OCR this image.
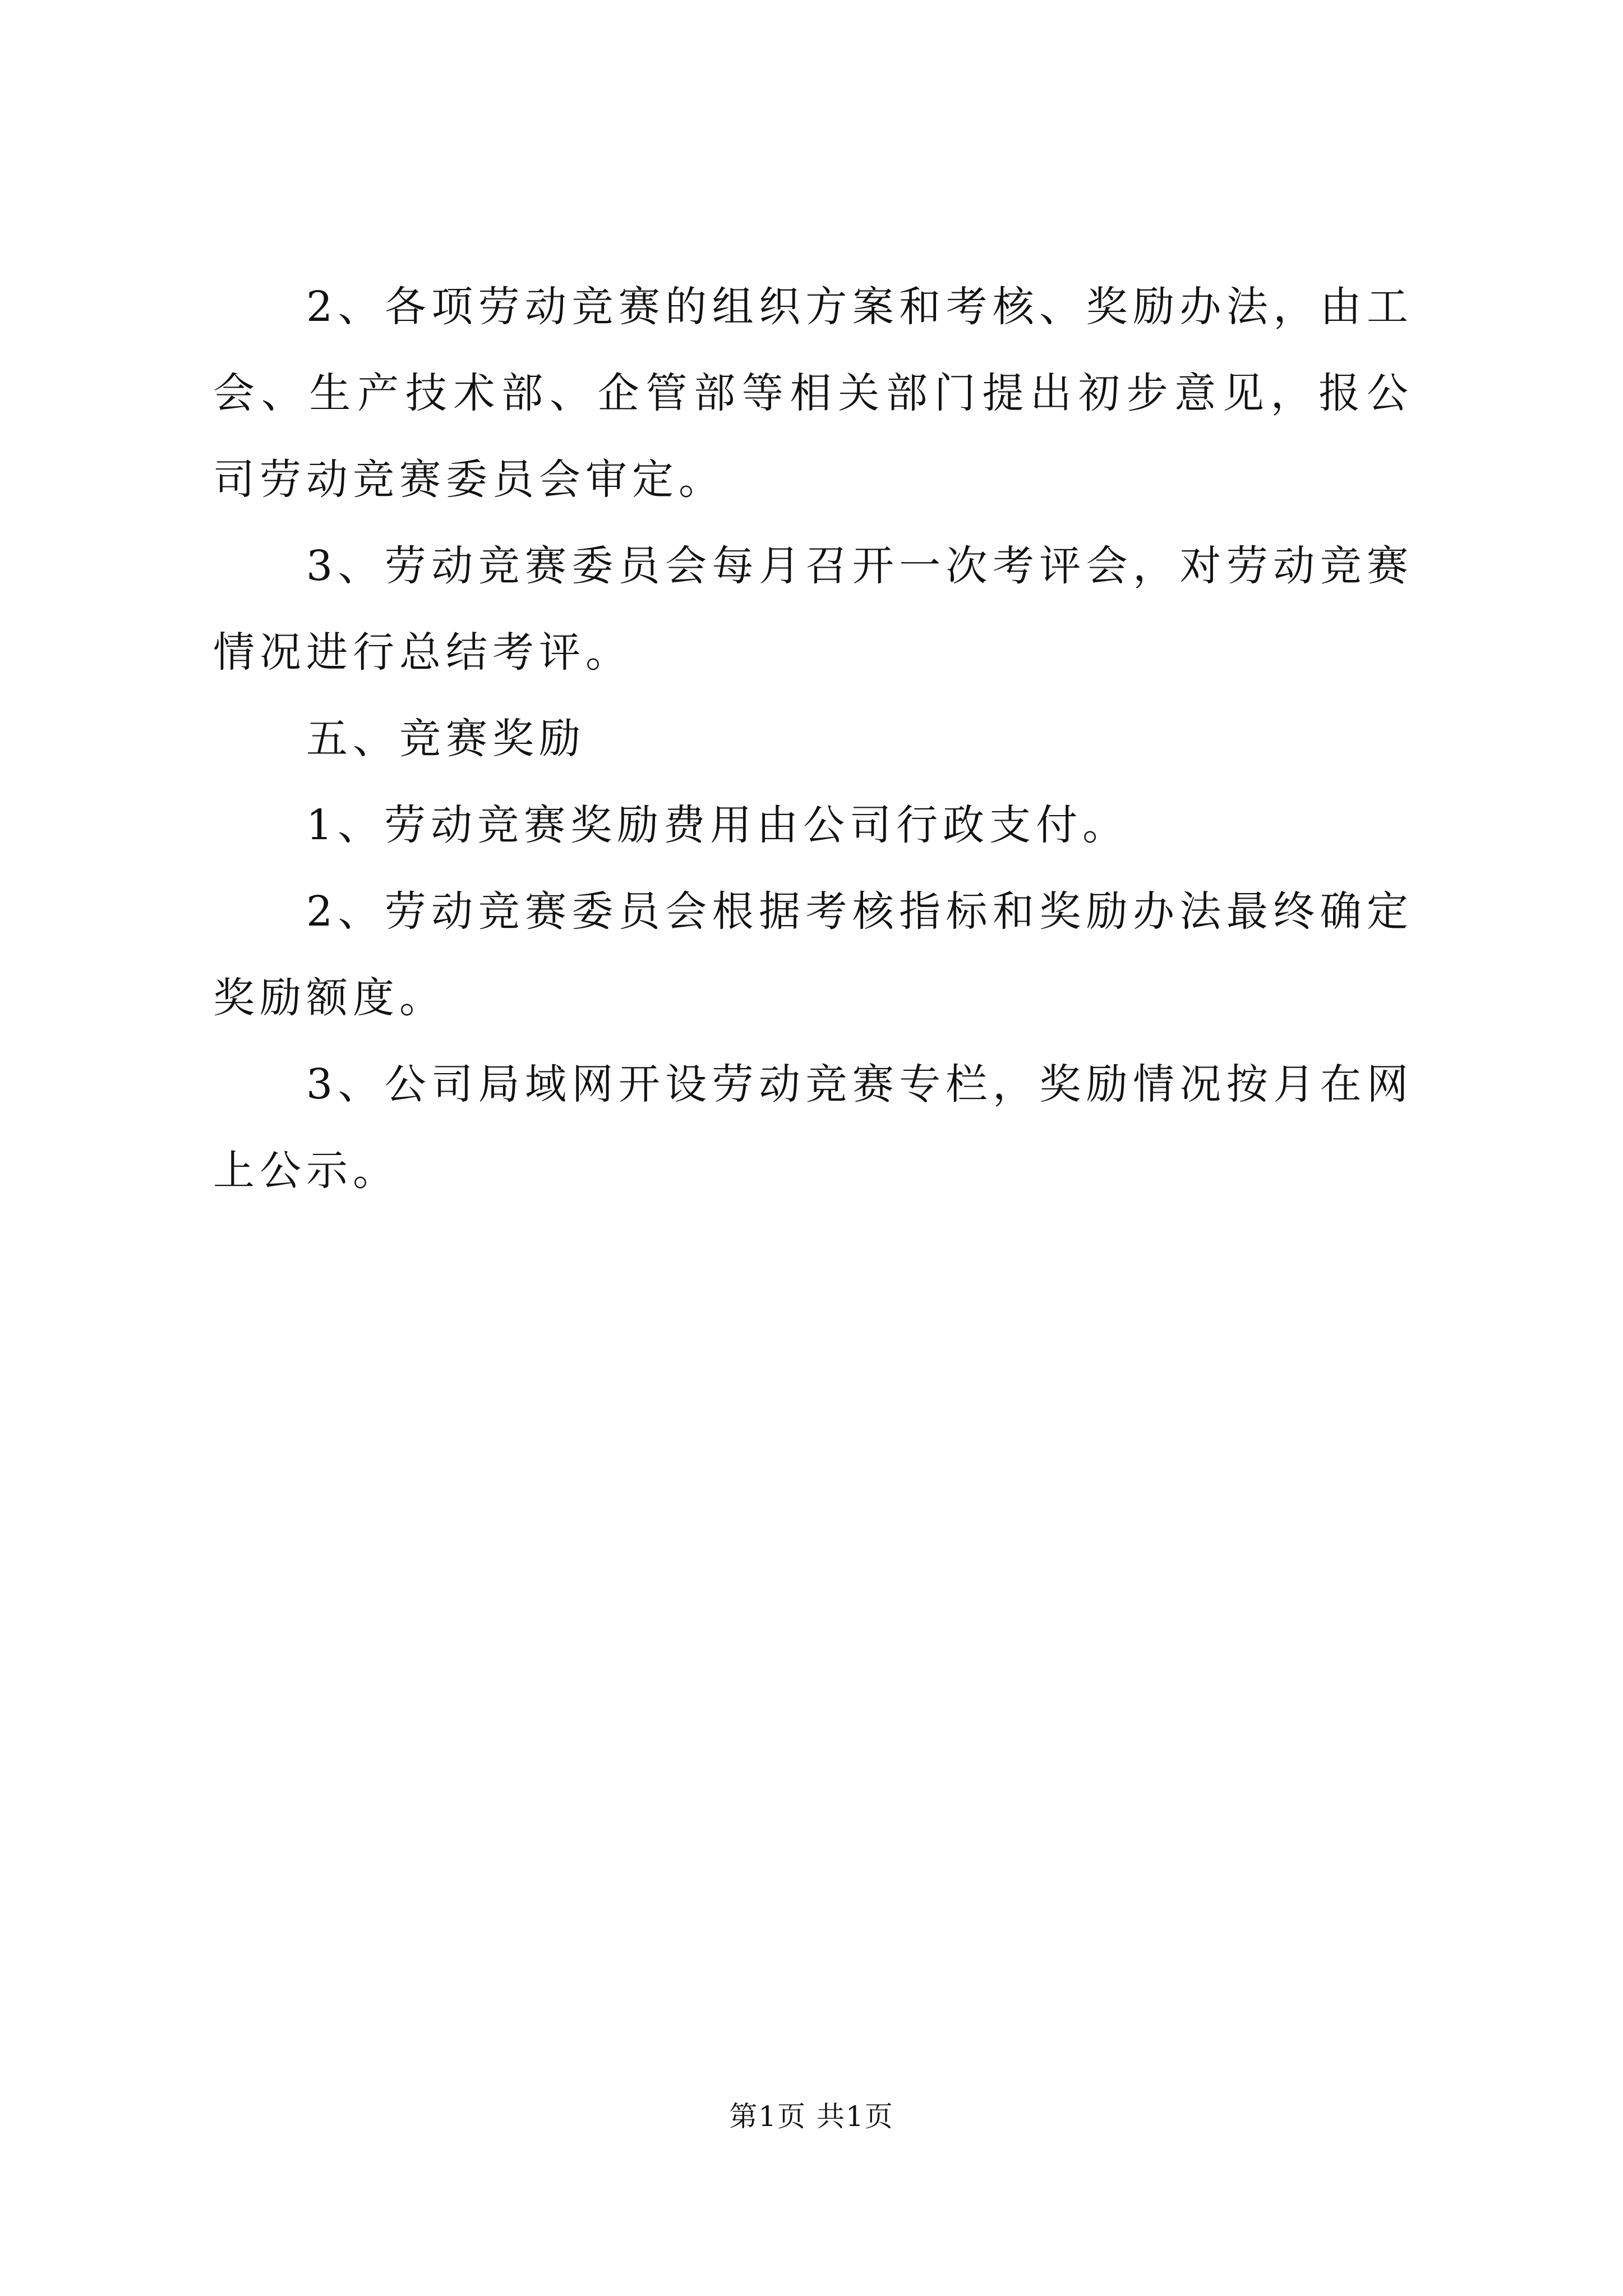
2、各项劳动竞赛的组织方案和考核、奖励办法，由工会、生产技术部、企管部等相关部门提出初步意见，报公司劳动竞赛委员会审定。

3、劳动竞赛委员会每月召开一次考评会，对劳动竞赛情况进行总结考评。

五、竞赛奖励

1、劳动竞赛奖励费用由公司行政支付。

2、劳动竞赛委员会根据考核指标和奖励办法最终确定奖励额度。

3、公司局域网开设劳动竞赛专栏，奖励情况按月在网上公示。

第1页 共1页
